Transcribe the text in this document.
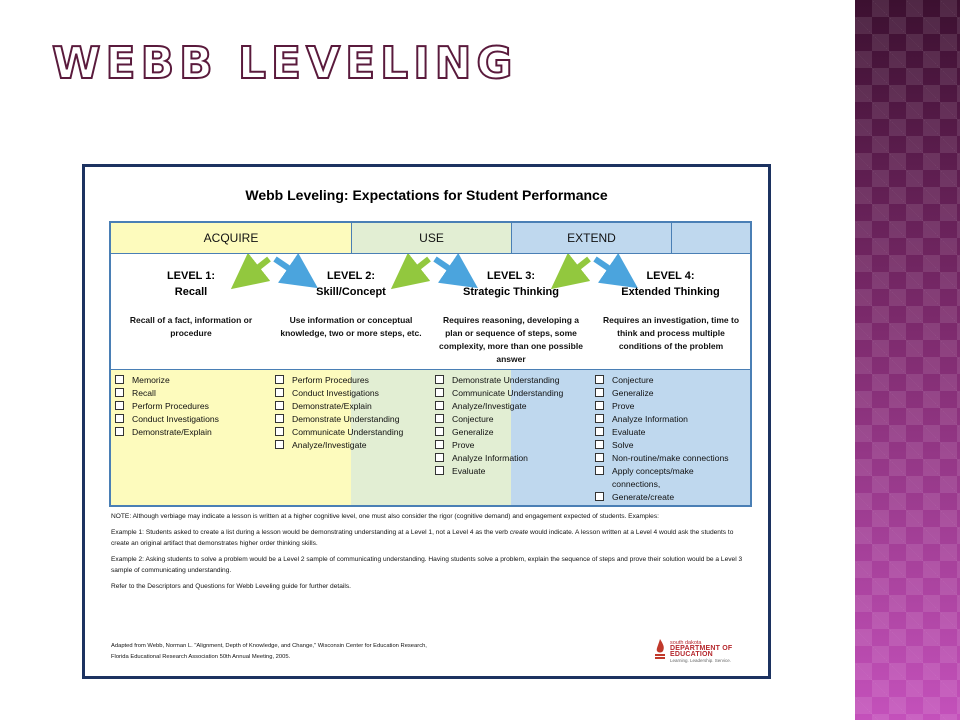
WEBB LEVELING
Webb Leveling: Expectations for Student Performance
ACQUIRE	USE	EXTEND
LEVEL 1:
Recall
LEVEL 2:
Skill/Concept
LEVEL 3:
Strategic Thinking
LEVEL 4:
Extended Thinking
Recall of a fact, information or procedure
Use information or conceptual knowledge, two or more steps, etc.
Requires reasoning, developing a plan or sequence of steps, some complexity, more than one possible answer
Requires an investigation, time to think and process multiple conditions of the problem
Memorize
Recall
Perform Procedures
Conduct Investigations
Demonstrate/Explain
Perform Procedures
Conduct Investigations
Demonstrate/Explain
Demonstrate Understanding
Communicate Understanding
Analyze/Investigate
Demonstrate Understanding
Communicate Understanding
Analyze/Investigate
Conjecture
Generalize
Prove
Analyze Information
Evaluate
Conjecture
Generalize
Prove
Analyze Information
Evaluate
Solve
Non-routine/make connections
Apply concepts/make
connections,
Generate/create

NOTE: Although verbiage may indicate a lesson is written at a higher cognitive level, one must also consider the rigor (cognitive demand) and engagement expected of students. Examples:

Example 1: Students asked to create a list during a lesson would be demonstrating understanding at a Level 1, not a Level 4 as the verb create would indicate. A lesson written at a Level 4 would ask the students to create an original artifact that demonstrates higher order thinking skills.

Example 2: Asking students to solve a problem would be a Level 2 sample of communicating understanding. Having students solve a problem, explain the sequence of steps and prove their solution would be a Level 3 sample of communicating understanding.

Refer to the Descriptors and Questions for Webb Leveling guide for further details.

Adapted from Webb, Norman L. "Alignment, Depth of Knowledge, and Change," Wisconsin Center for Education Research,
Florida Educational Research Association 50th Annual Meeting, 2005.
south dakota
DEPARTMENT OF EDUCATION
Learning. Leadership. Service.
